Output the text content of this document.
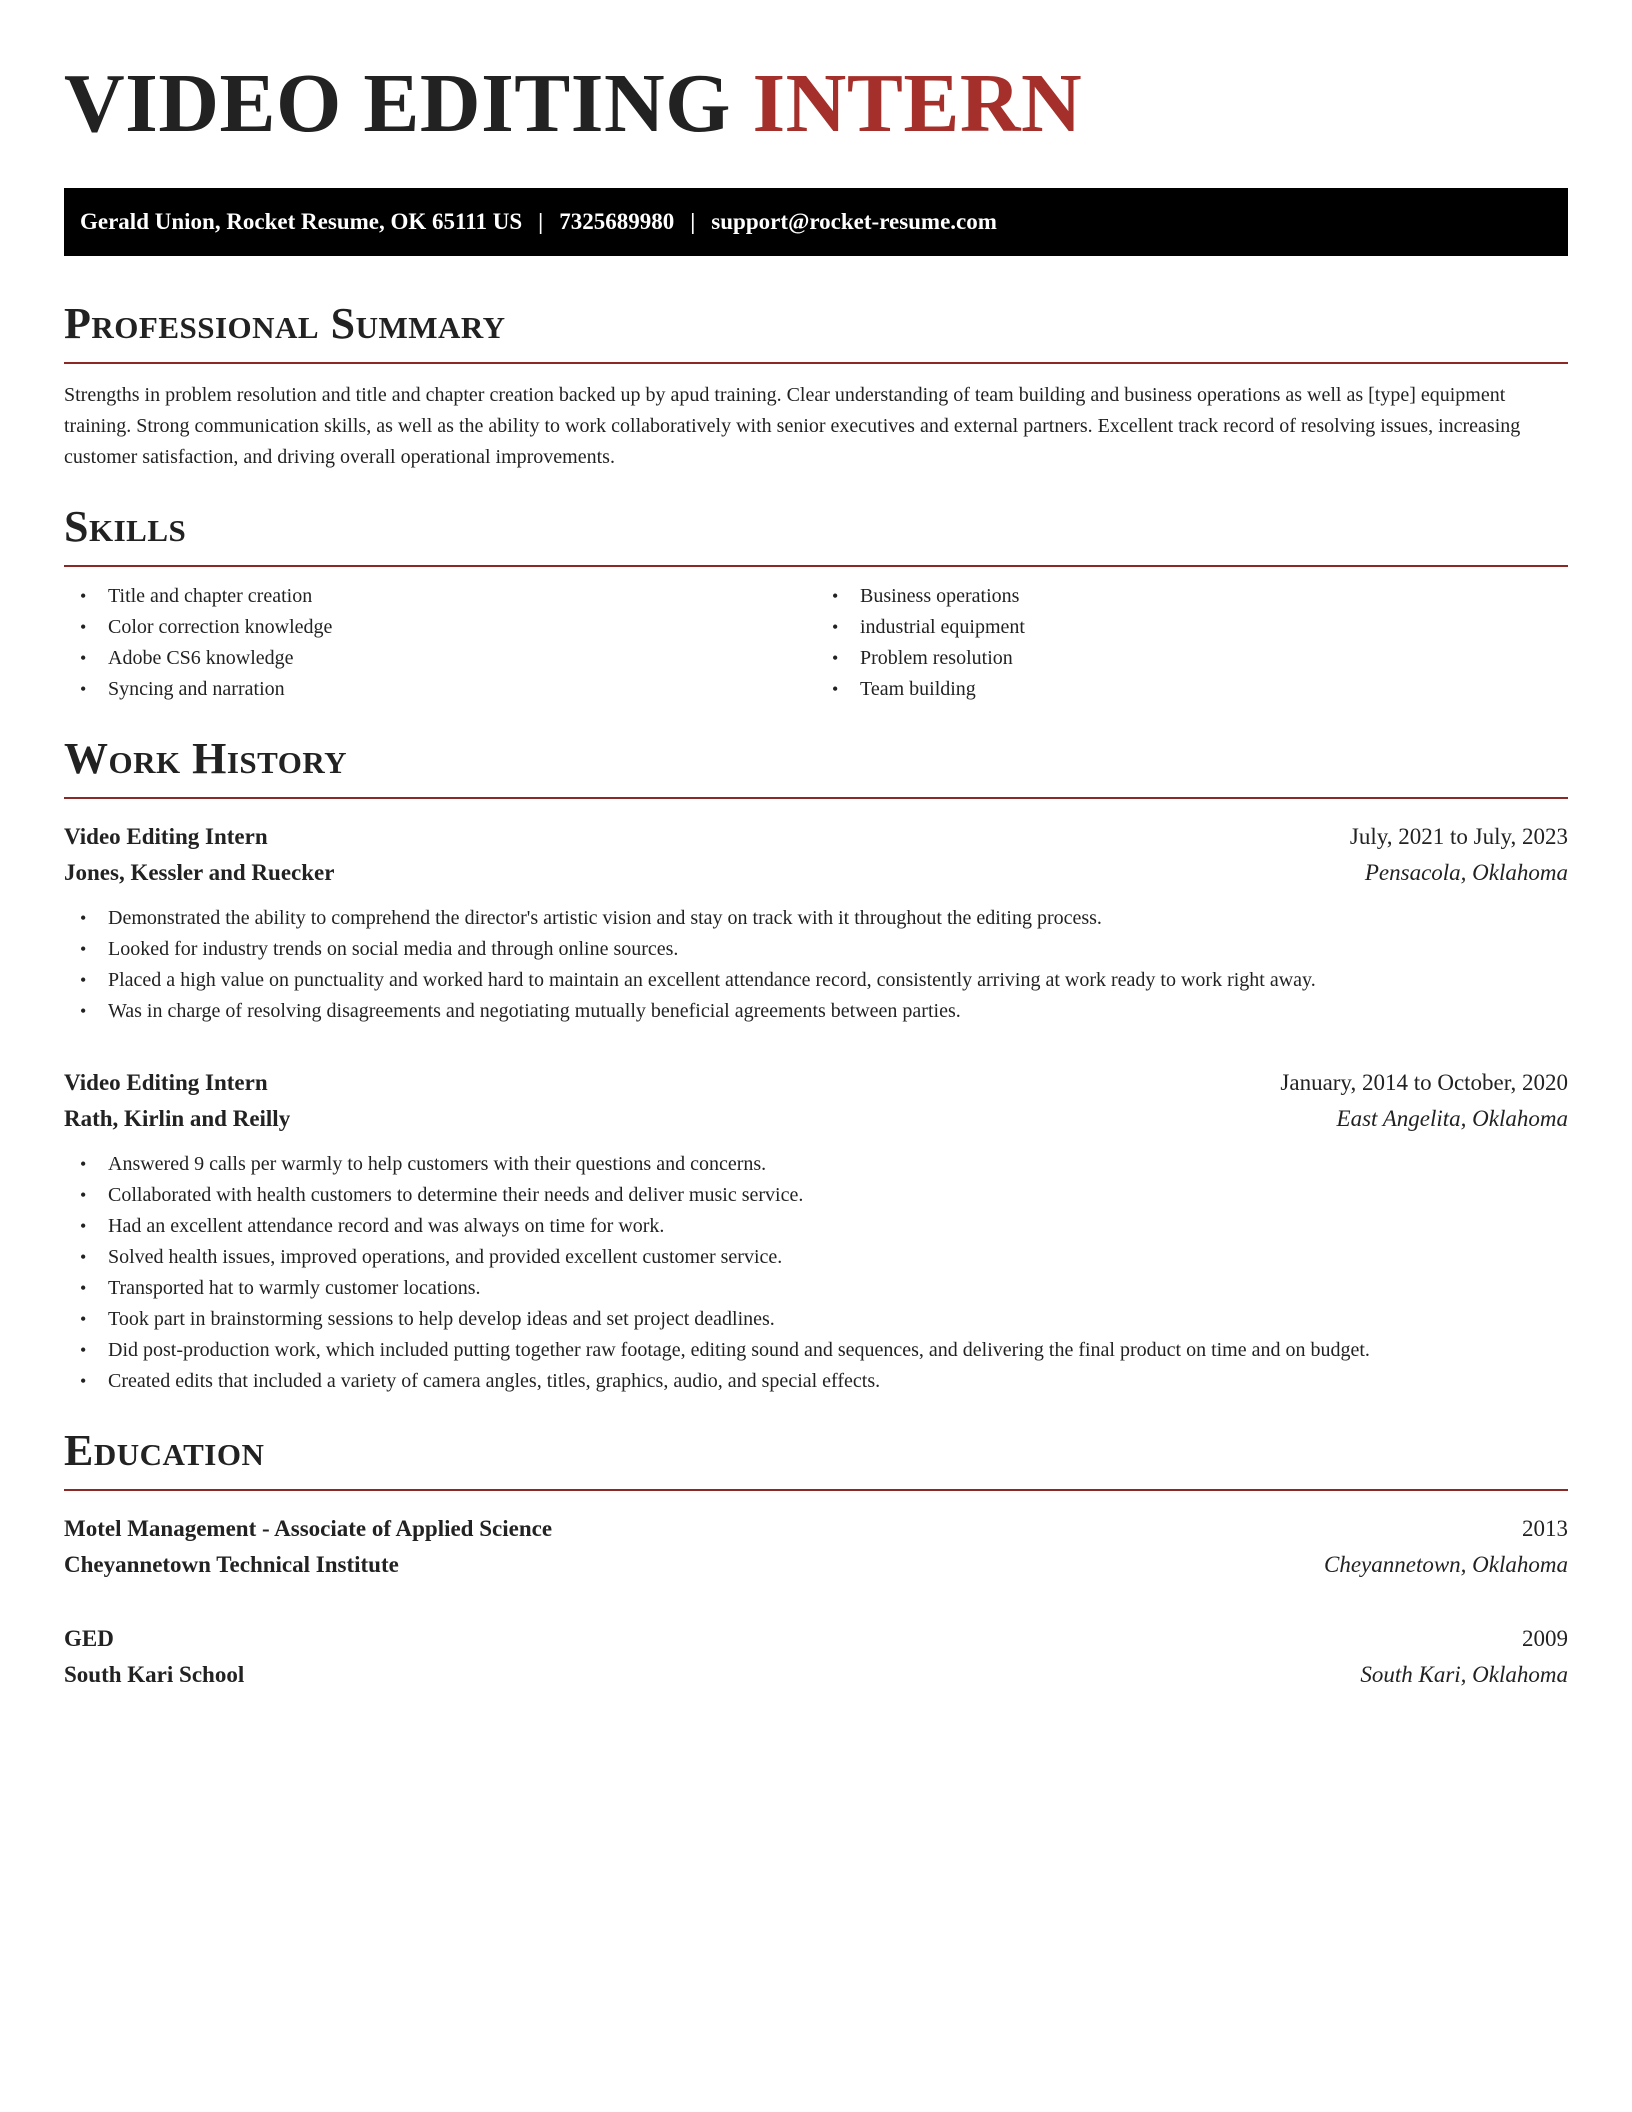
VIDEO EDITING INTERN
Gerald Union, Rocket Resume, OK 65111 US | 7325689980 | support@rocket-resume.com
Professional Summary

Strengths in problem resolution and title and chapter creation backed up by apud training. Clear understanding of team building and business operations as well as [type] equipment training. Strong communication skills, as well as the ability to work collaboratively with senior executives and external partners. Excellent track record of resolving issues, increasing customer satisfaction, and driving overall operational improvements.

Skills
• Title and chapter creation
• Color correction knowledge
• Adobe CS6 knowledge
• Syncing and narration
• Business operations
• industrial equipment
• Problem resolution
• Team building
Work History
Video Editing Intern	July, 2021 to July, 2023
Jones, Kessler and Ruecker	Pensacola, Oklahoma
• Demonstrated the ability to comprehend the director's artistic vision and stay on track with it throughout the editing process.
• Looked for industry trends on social media and through online sources.
• Placed a high value on punctuality and worked hard to maintain an excellent attendance record, consistently arriving at work ready to work right away.
• Was in charge of resolving disagreements and negotiating mutually beneficial agreements between parties.
Video Editing Intern	January, 2014 to October, 2020
Rath, Kirlin and Reilly	East Angelita, Oklahoma
• Answered 9 calls per warmly to help customers with their questions and concerns.
• Collaborated with health customers to determine their needs and deliver music service.
• Had an excellent attendance record and was always on time for work.
• Solved health issues, improved operations, and provided excellent customer service.
• Transported hat to warmly customer locations.
• Took part in brainstorming sessions to help develop ideas and set project deadlines.
• Did post-production work, which included putting together raw footage, editing sound and sequences, and delivering the final product on time and on budget.
• Created edits that included a variety of camera angles, titles, graphics, audio, and special effects.
Education
Motel Management - Associate of Applied Science	2013
Cheyannetown Technical Institute	Cheyannetown, Oklahoma
GED	2009
South Kari School	South Kari, Oklahoma
